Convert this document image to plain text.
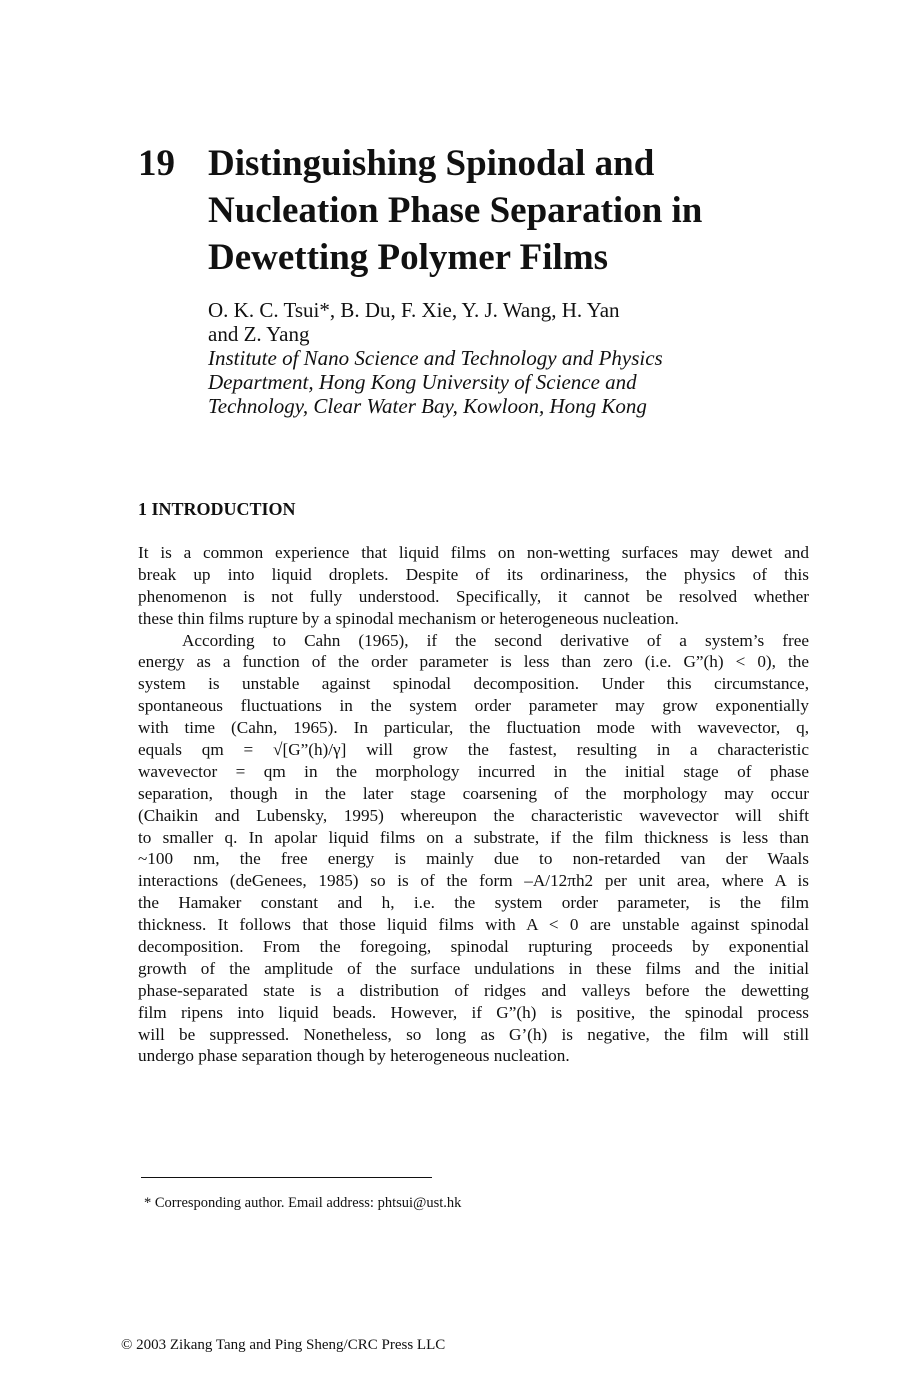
19 Distinguishing Spinodal and
Nucleation Phase Separation in
Dewetting Polymer Films
O. K. C. Tsui*, B. Du, F. Xie, Y. J. Wang, H. Yan
and Z. Yang
Institute of Nano Science and Technology and Physics
Department, Hong Kong University of Science and
Technology, Clear Water Bay, Kowloon, Hong Kong
1 INTRODUCTION
It is a common experience that liquid films on non-wetting surfaces may dewet and
break up into liquid droplets. Despite of its ordinariness, the physics of this
phenomenon is not fully understood. Specifically, it cannot be resolved whether
these thin films rupture by a spinodal mechanism or heterogeneous nucleation.
According to Cahn (1965), if the second derivative of a system’s free
energy as a function of the order parameter is less than zero (i.e. G”(h) < 0), the
system is unstable against spinodal decomposition. Under this circumstance,
spontaneous fluctuations in the system order parameter may grow exponentially
with time (Cahn, 1965). In particular, the fluctuation mode with wavevector, q,
equals qm = √[G”(h)/γ] will grow the fastest, resulting in a characteristic
wavevector = qm in the morphology incurred in the initial stage of phase
separation, though in the later stage coarsening of the morphology may occur
(Chaikin and Lubensky, 1995) whereupon the characteristic wavevector will shift
to smaller q. In apolar liquid films on a substrate, if the film thickness is less than
~100 nm, the free energy is mainly due to non-retarded van der Waals
interactions (deGenees, 1985) so is of the form –A/12πh2 per unit area, where A is
the Hamaker constant and h, i.e. the system order parameter, is the film
thickness. It follows that those liquid films with A < 0 are unstable against spinodal
decomposition. From the foregoing, spinodal rupturing proceeds by exponential
growth of the amplitude of the surface undulations in these films and the initial
phase-separated state is a distribution of ridges and valleys before the dewetting
film ripens into liquid beads. However, if G”(h) is positive, the spinodal process
will be suppressed. Nonetheless, so long as G’(h) is negative, the film will still
undergo phase separation though by heterogeneous nucleation.
* Corresponding author. Email address: phtsui@ust.hk
© 2003 Zikang Tang and Ping Sheng/CRC Press LLC
